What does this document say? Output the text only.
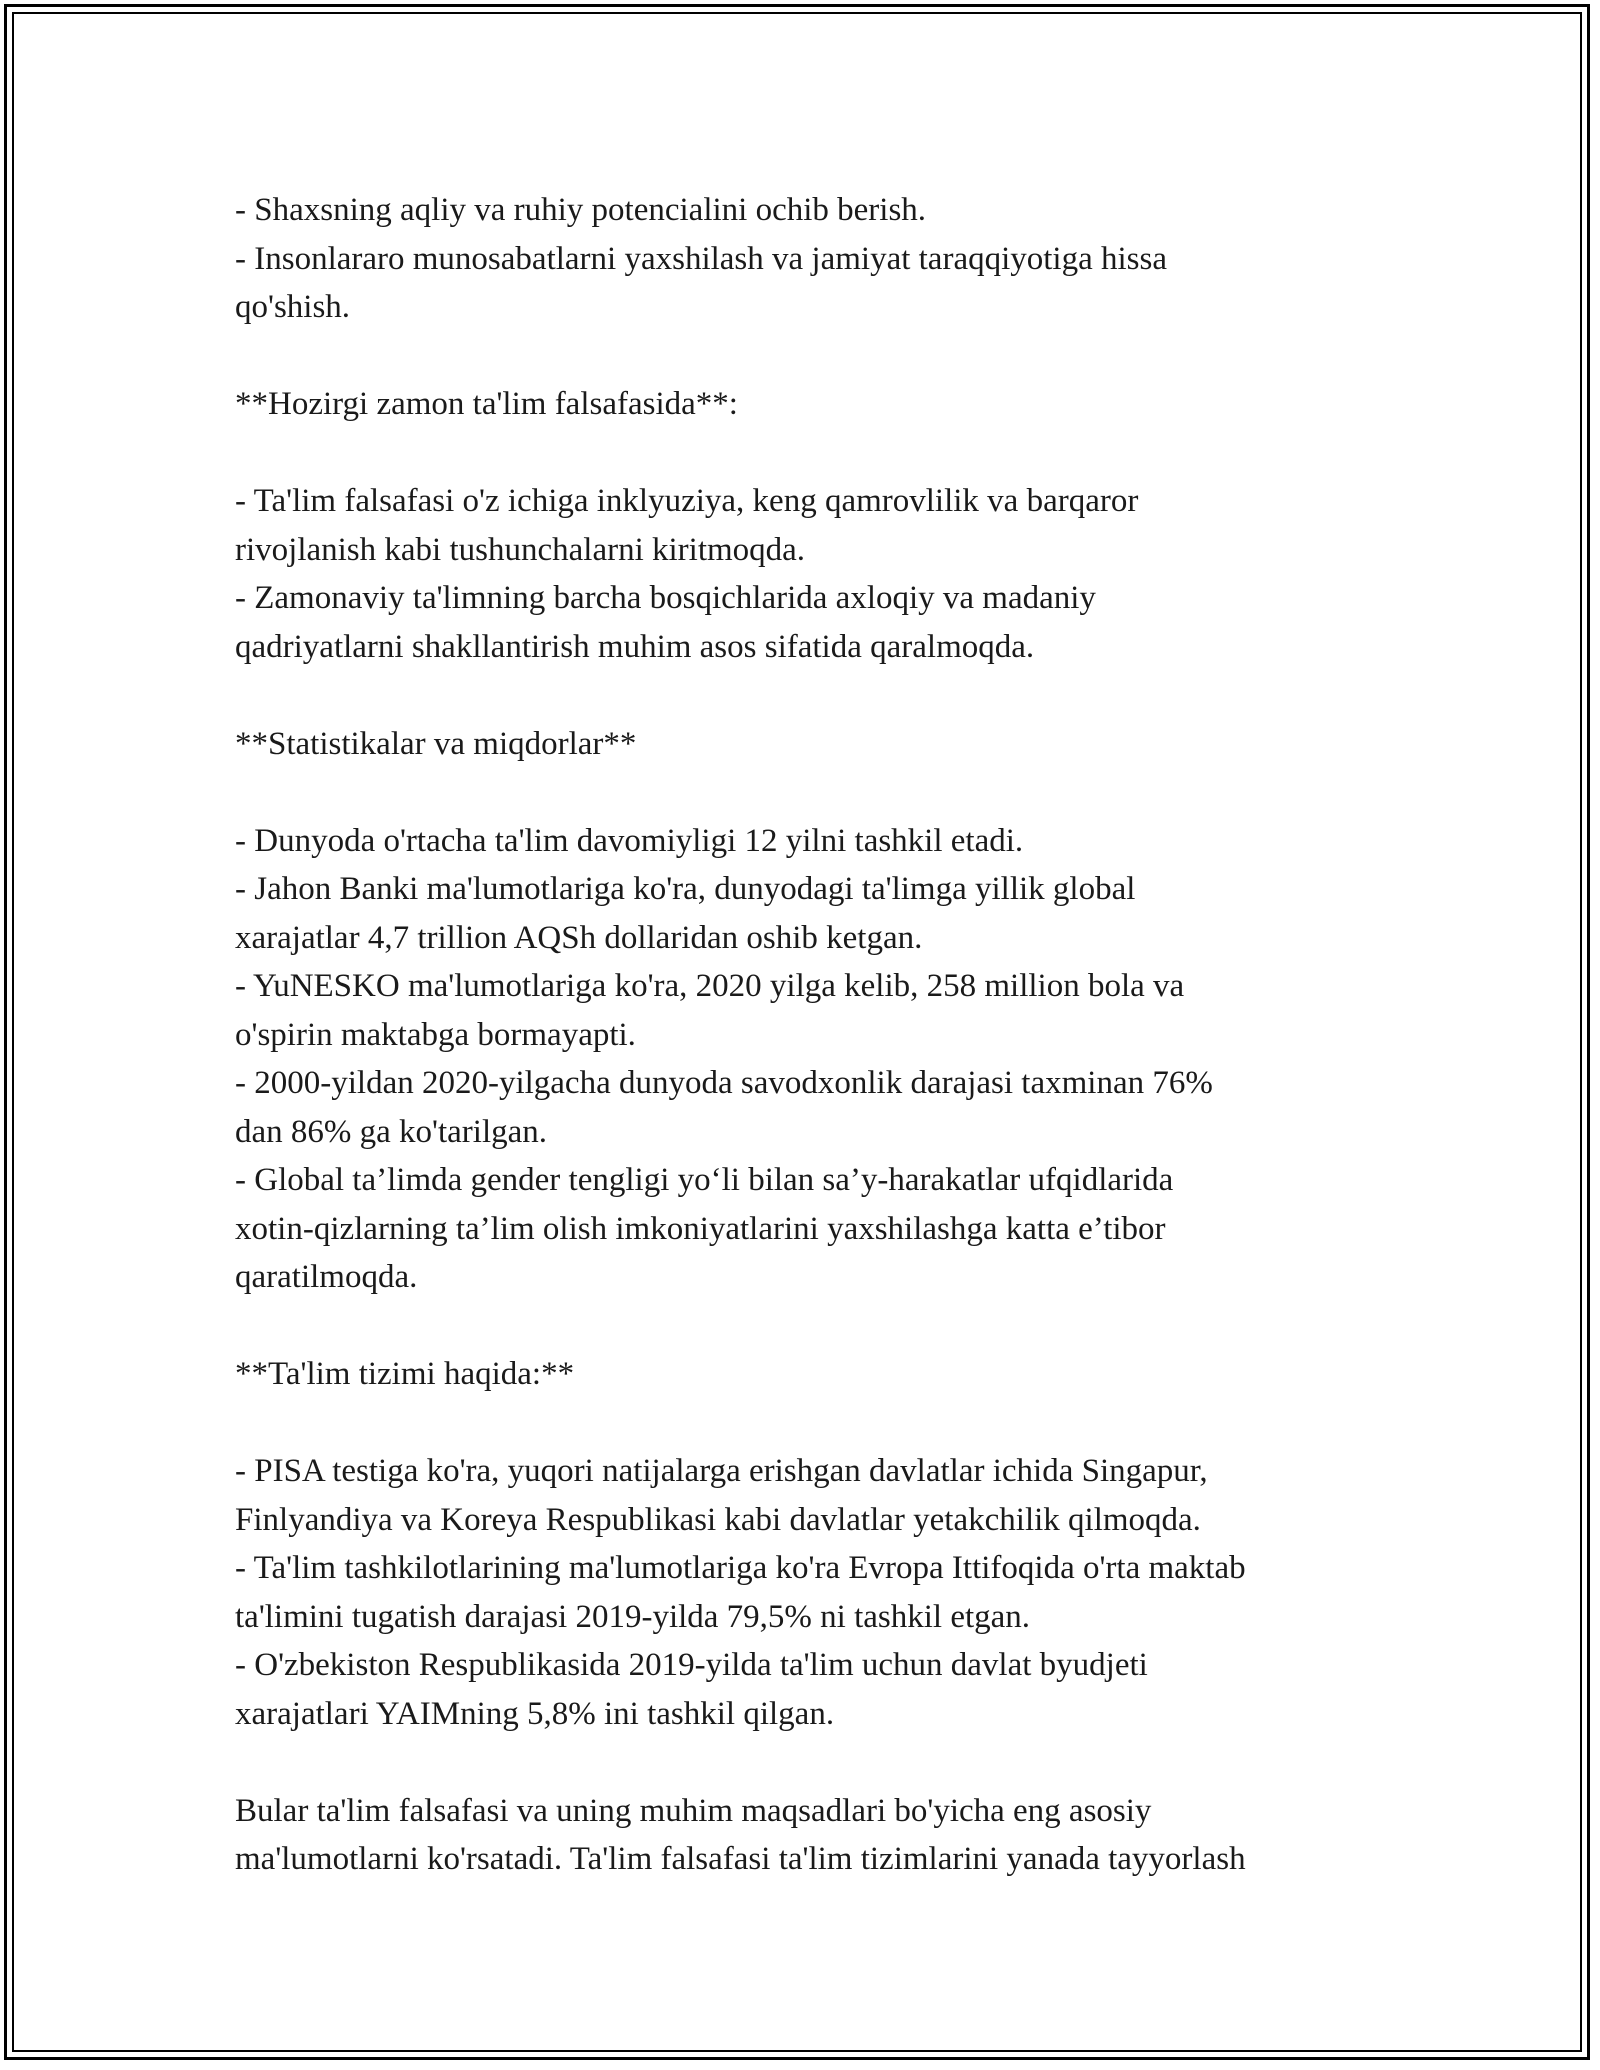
- Shaxsning aqliy va ruhiy potencialini ochib berish.
- Insonlararo munosabatlarni yaxshilash va jamiyat taraqqiyotiga hissa
qo'shish.
**Hozirgi zamon ta'lim falsafasida**:
- Ta'lim falsafasi o'z ichiga inklyuziya, keng qamrovlilik va barqaror
rivojlanish kabi tushunchalarni kiritmoqda.
- Zamonaviy ta'limning barcha bosqichlarida axloqiy va madaniy
qadriyatlarni shakllantirish muhim asos sifatida qaralmoqda.
**Statistikalar va miqdorlar**
- Dunyoda o'rtacha ta'lim davomiyligi 12 yilni tashkil etadi.
- Jahon Banki ma'lumotlariga ko'ra, dunyodagi ta'limga yillik global
xarajatlar 4,7 trillion AQSh dollaridan oshib ketgan.
- YuNESKO ma'lumotlariga ko'ra, 2020 yilga kelib, 258 million bola va
o'spirin maktabga bormayapti.
- 2000-yildan 2020-yilgacha dunyoda savodxonlik darajasi taxminan 76%
dan 86% ga ko'tarilgan.
- Global ta’limda gender tengligi yo‘li bilan sa’y-harakatlar ufqidlarida
xotin-qizlarning ta’lim olish imkoniyatlarini yaxshilashga katta e’tibor
qaratilmoqda.
**Ta'lim tizimi haqida:**
- PISA testiga ko'ra, yuqori natijalarga erishgan davlatlar ichida Singapur,
Finlyandiya va Koreya Respublikasi kabi davlatlar yetakchilik qilmoqda.
- Ta'lim tashkilotlarining ma'lumotlariga ko'ra Evropa Ittifoqida o'rta maktab
ta'limini tugatish darajasi 2019-yilda 79,5% ni tashkil etgan.
- O'zbekiston Respublikasida 2019-yilda ta'lim uchun davlat byudjeti
xarajatlari YAIMning 5,8% ini tashkil qilgan.
Bular ta'lim falsafasi va uning muhim maqsadlari bo'yicha eng asosiy
ma'lumotlarni ko'rsatadi. Ta'lim falsafasi ta'lim tizimlarini yanada tayyorlash
